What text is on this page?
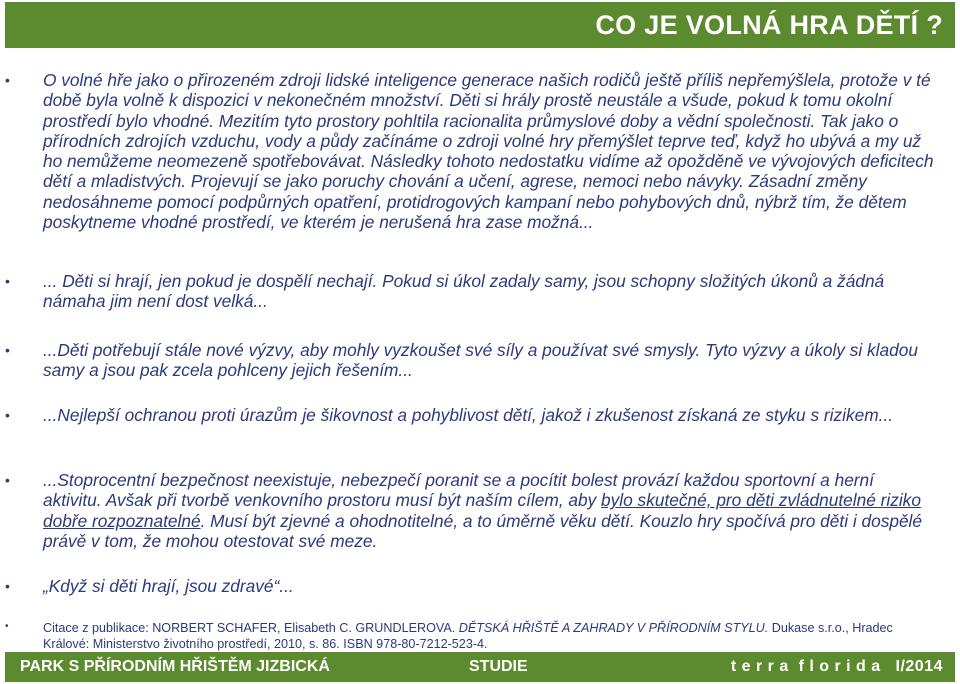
CO JE VOLNÁ HRA DĚTÍ ?
• O volné hře jako o přirozeném zdroji lidské inteligence generace našich rodičů ještě příliš nepřemýšlela, protože v té době byla volně k dispozici v nekonečném množství. Děti si hrály prostě neustále a všude, pokud k tomu okolní prostředí bylo vhodné. Mezitím tyto prostory pohltila racionalita průmyslové doby a vědní společnosti. Tak jako o přírodních zdrojích vzduchu, vody a půdy začínáme o zdroji volné hry přemýšlet teprve teď, když ho ubývá a my už ho nemůžeme neomezeně spotřebovávat. Následky tohoto nedostatku vidíme až opožděně ve vývojových deficitech dětí a mladistvých. Projevují se jako poruchy chování a učení, agrese, nemoci nebo návyky. Zásadní změny nedosáhneme pomocí podpůrných opatření, protidrogových kampaní nebo pohybových dnů, nýbrž tím, že dětem poskytneme vhodné prostředí, ve kterém je nerušená hra zase možná...
• ... Děti si hrají, jen pokud je dospělí nechají. Pokud si úkol zadaly samy, jsou schopny složitých úkonů a žádná námaha jim není dost velká...
• ...Děti potřebují stále nové výzvy, aby mohly vyzkoušet své síly a používat své smysly. Tyto výzvy a úkoly si kladou samy a jsou pak zcela pohlceny jejich řešením...
• ...Nejlepší ochranou proti úrazům je šikovnost a pohyblivost dětí, jakož i zkušenost získaná ze styku s rizikem...
• ...Stoprocentní bezpečnost neexistuje, nebezpečí poranit se a pocítit bolest provází každou sportovní a herní aktivitu. Avšak při tvorbě venkovního prostoru musí být naším cílem, aby bylo skutečné, pro děti zvládnutelné riziko dobře rozpoznatelné. Musí být zjevné a ohodnotitelné, a to úměrně věku dětí. Kouzlo hry spočívá pro děti i dospělé právě v tom, že mohou otestovat své meze.
• „Když si děti hrají, jsou zdravé“...
•	Citace z publikace: NORBERT SCHAFER, Elisabeth C. GRUNDLEROVA. DĚTSKÁ HŘIŠTĚ A ZAHRADY V PŘÍRODNÍM STYLU. Dukase s.r.o., Hradec Králové: Ministerstvo životního prostředí, 2010, s. 86. ISBN 978-80-7212-523-4.
PARK S PŘÍRODNÍM HŘIŠTĚM JIZBICKÁ	STUDIE	t e r r a  f l o r i d a   I/2014
